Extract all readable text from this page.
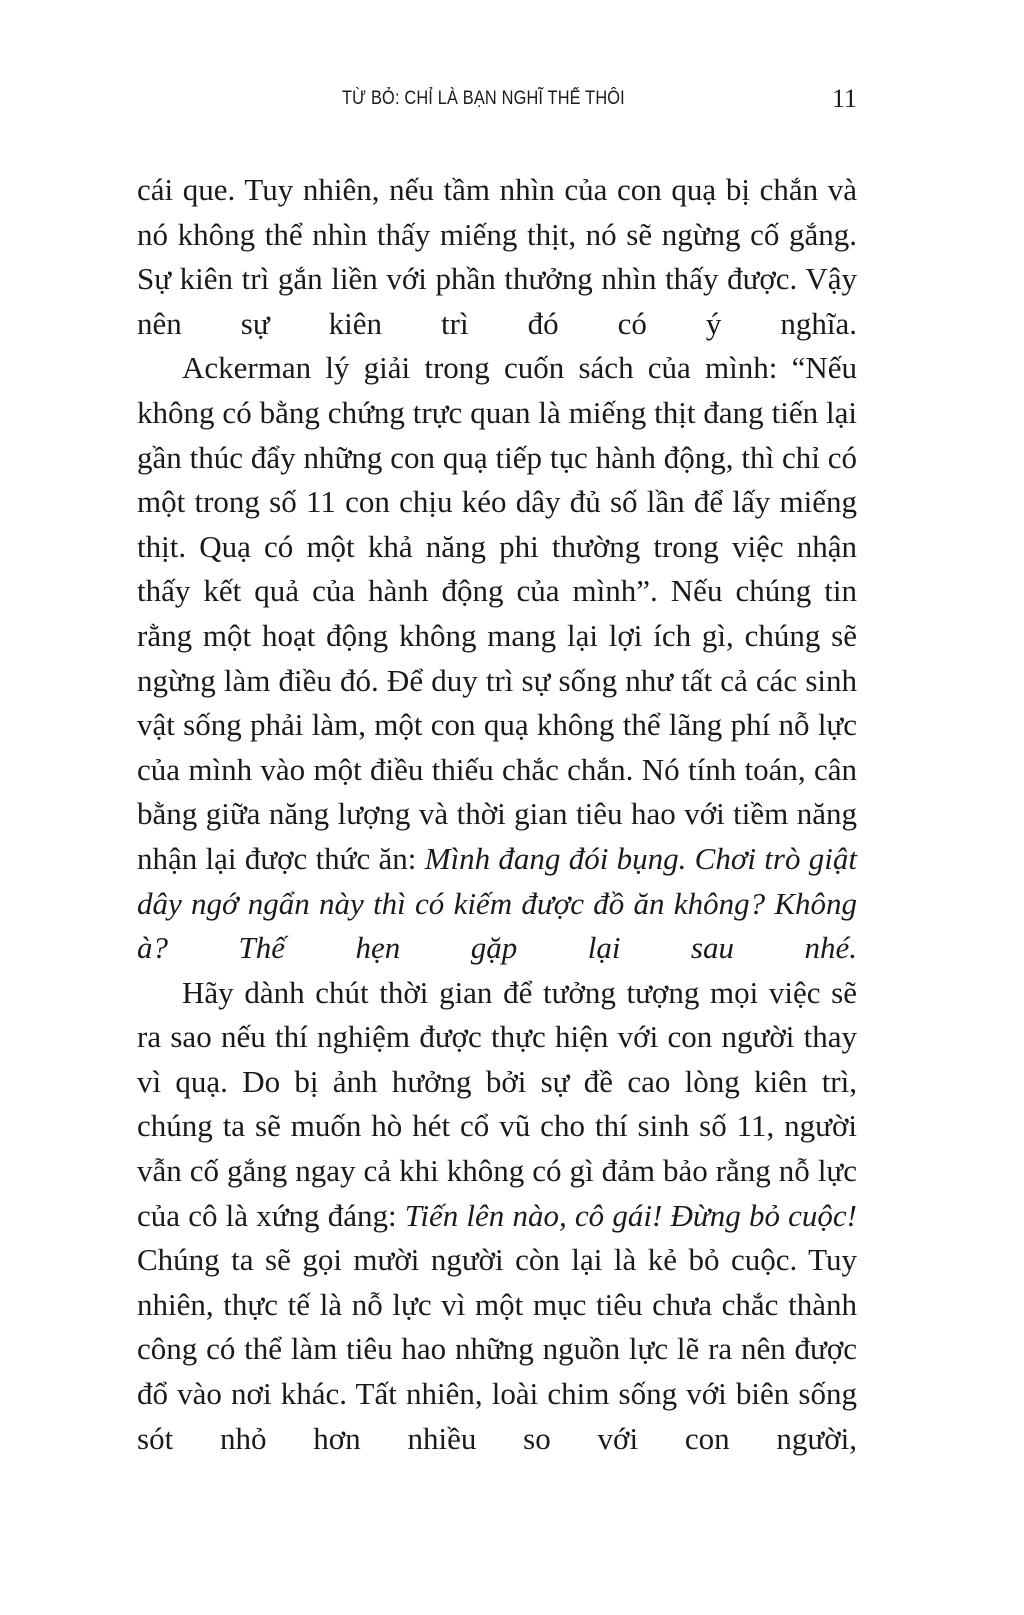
TỪ BỎ: CHỈ LÀ BẠN NGHĨ THẾ THÔI	11

cái que. Tuy nhiên, nếu tầm nhìn của con quạ bị chắn và nó không thể nhìn thấy miếng thịt, nó sẽ ngừng cố gắng. Sự kiên trì gắn liền với phần thưởng nhìn thấy được. Vậy nên sự kiên trì đó có ý nghĩa.

Ackerman lý giải trong cuốn sách của mình: “Nếu không có bằng chứng trực quan là miếng thịt đang tiến lại gần thúc đẩy những con quạ tiếp tục hành động, thì chỉ có một trong số 11 con chịu kéo dây đủ số lần để lấy miếng thịt. Quạ có một khả năng phi thường trong việc nhận thấy kết quả của hành động của mình”. Nếu chúng tin rằng một hoạt động không mang lại lợi ích gì, chúng sẽ ngừng làm điều đó. Để duy trì sự sống như tất cả các sinh vật sống phải làm, một con quạ không thể lãng phí nỗ lực của mình vào một điều thiếu chắc chắn. Nó tính toán, cân bằng giữa năng lượng và thời gian tiêu hao với tiềm năng nhận lại được thức ăn: Mình đang đói bụng. Chơi trò giật dây ngớ ngẩn này thì có kiếm được đồ ăn không? Không à? Thế hẹn gặp lại sau nhé.

Hãy dành chút thời gian để tưởng tượng mọi việc sẽ ra sao nếu thí nghiệm được thực hiện với con người thay vì quạ. Do bị ảnh hưởng bởi sự đề cao lòng kiên trì, chúng ta sẽ muốn hò hét cổ vũ cho thí sinh số 11, người vẫn cố gắng ngay cả khi không có gì đảm bảo rằng nỗ lực của cô là xứng đáng: Tiến lên nào, cô gái! Đừng bỏ cuộc! Chúng ta sẽ gọi mười người còn lại là kẻ bỏ cuộc. Tuy nhiên, thực tế là nỗ lực vì một mục tiêu chưa chắc thành công có thể làm tiêu hao những nguồn lực lẽ ra nên được đổ vào nơi khác. Tất nhiên, loài chim sống với biên sống sót nhỏ hơn nhiều so với con người,
